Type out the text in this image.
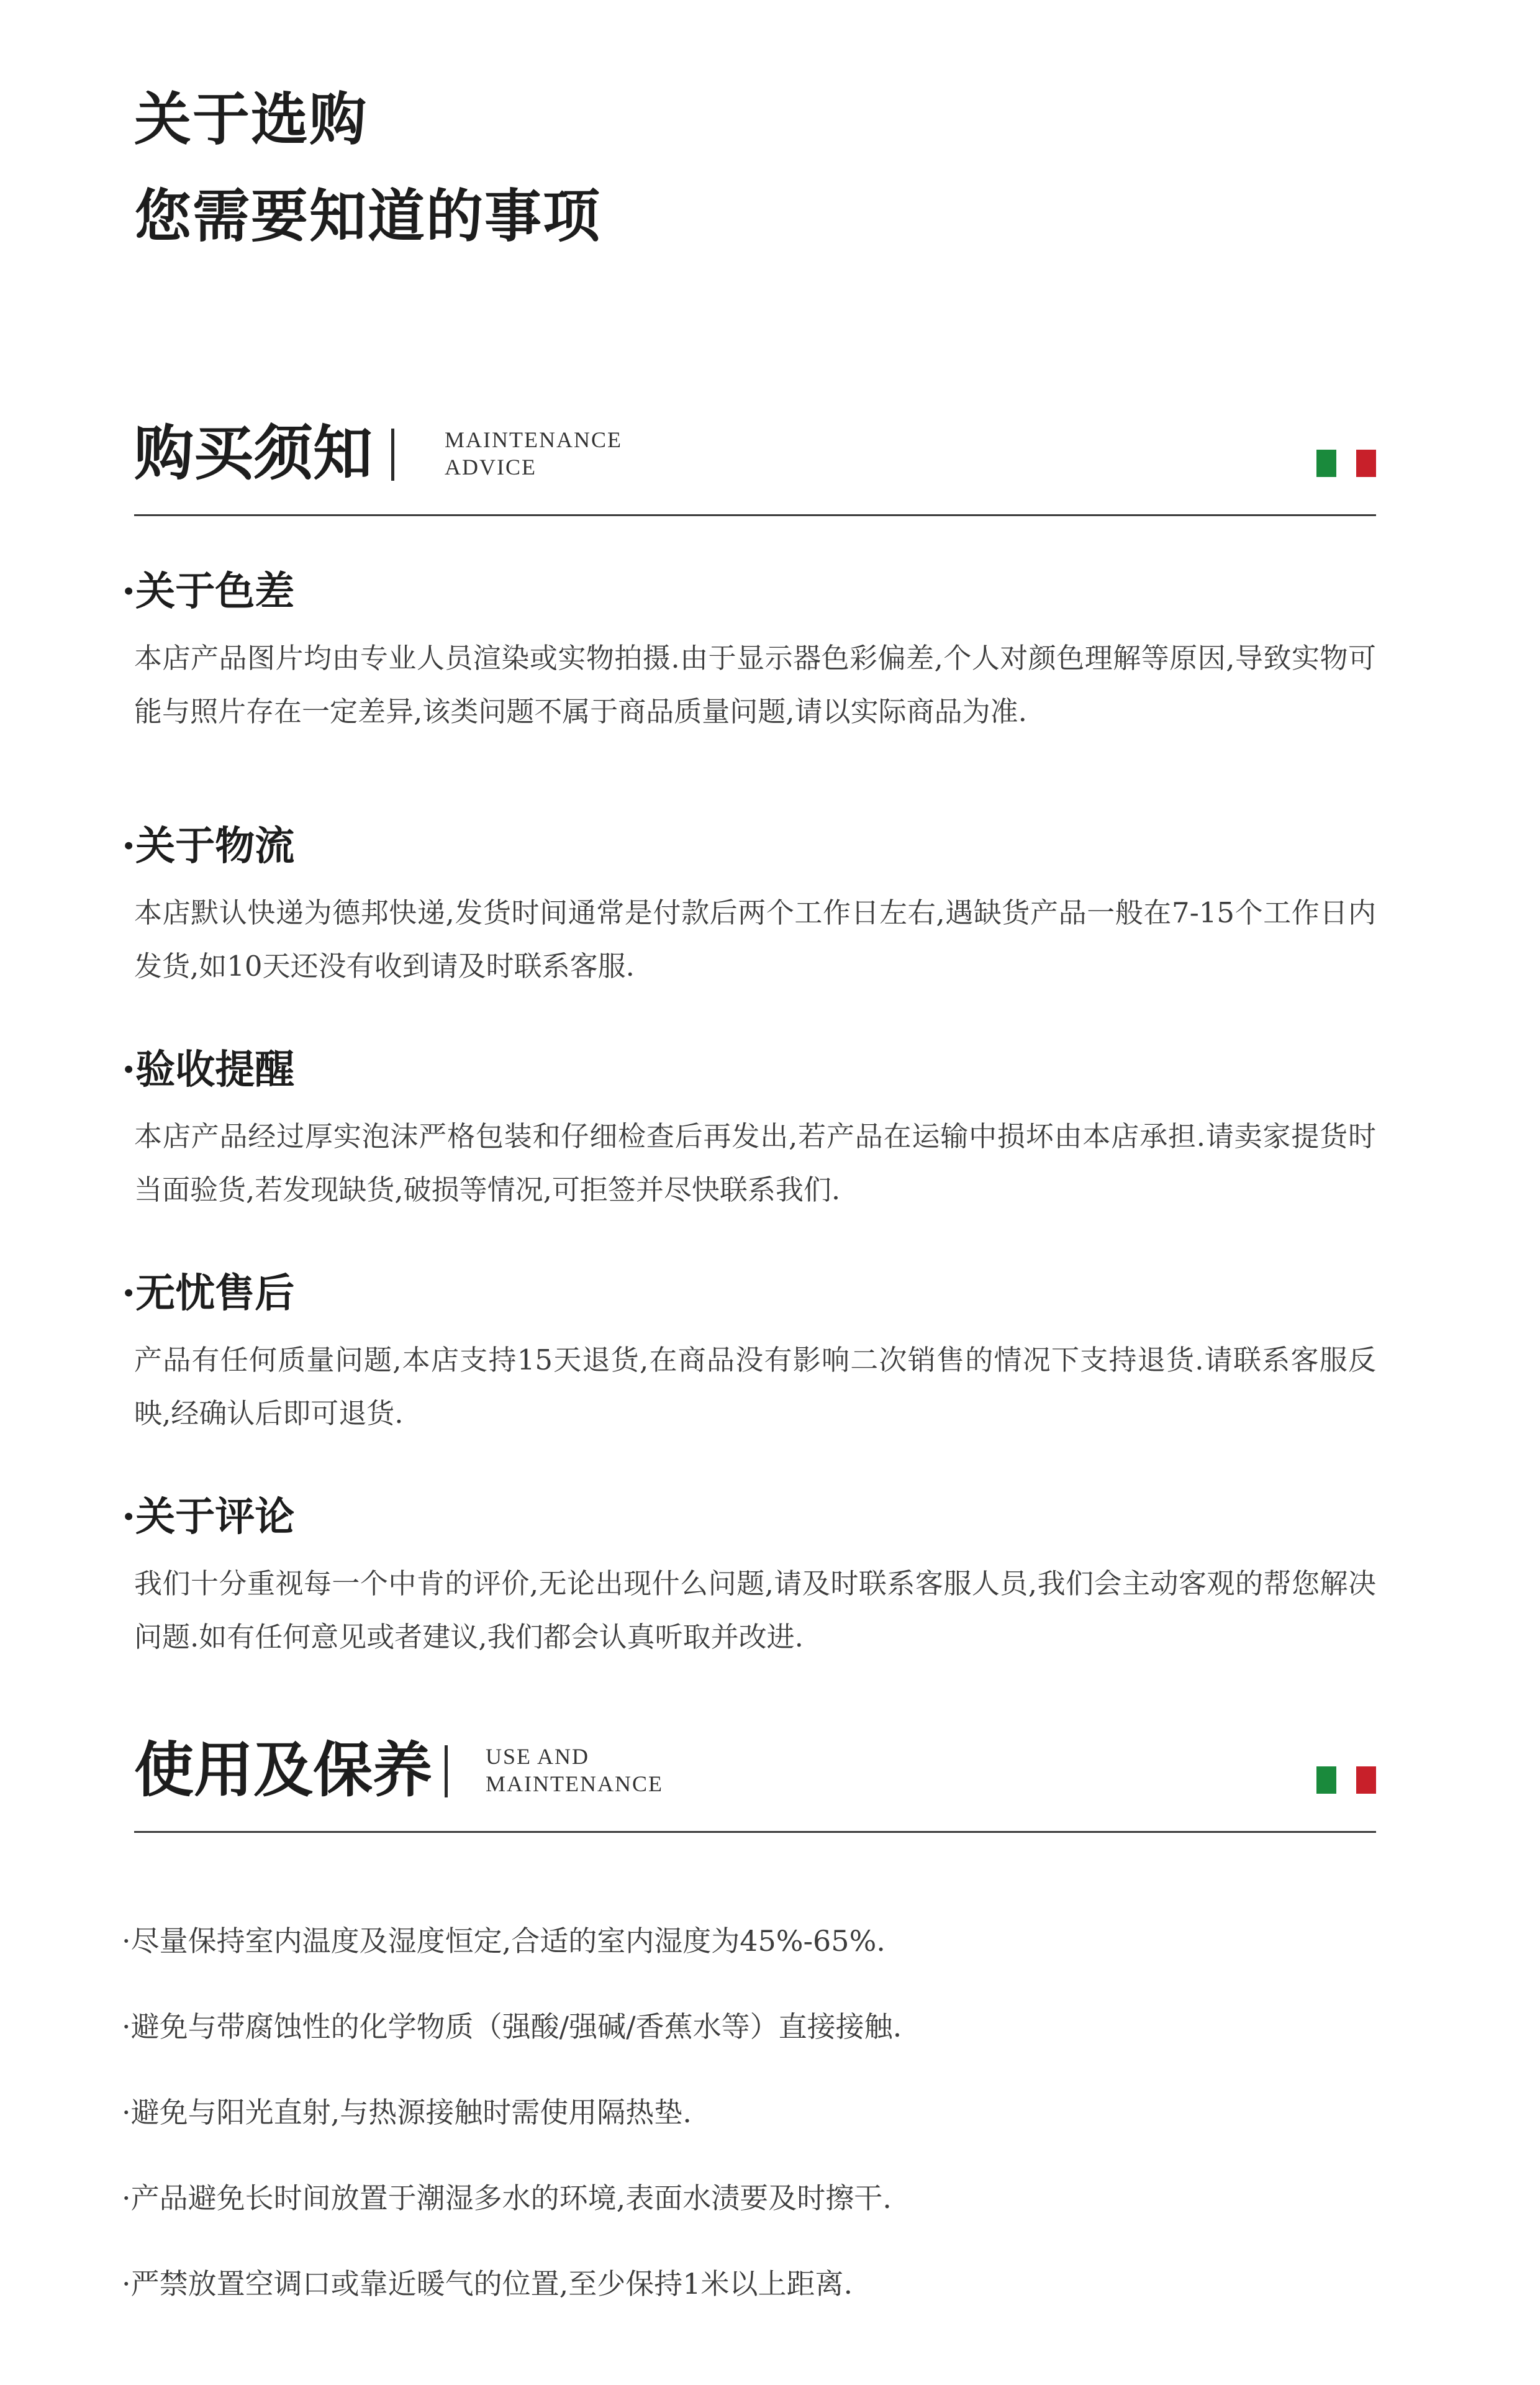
关于选购
您需要知道的事项
购买须知	MAINTENANCE
ADVICE
·关于色差
本店产品图片均由专业人员渲染或实物拍摄.由于显示器色彩偏差,个人对颜色理解等原因,导致实物可能与照片存在一定差异,该类问题不属于商品质量问题,请以实际商品为准.
·关于物流
本店默认快递为德邦快递,发货时间通常是付款后两个工作日左右,遇缺货产品一般在7-15个工作日内发货,如10天还没有收到请及时联系客服.
·验收提醒
本店产品经过厚实泡沫严格包装和仔细检查后再发出,若产品在运输中损坏由本店承担.请卖家提货时当面验货,若发现缺货,破损等情况,可拒签并尽快联系我们.
·无忧售后
产品有任何质量问题,本店支持15天退货,在商品没有影响二次销售的情况下支持退货.请联系客服反映,经确认后即可退货.
·关于评论
我们十分重视每一个中肯的评价,无论出现什么问题,请及时联系客服人员,我们会主动客观的帮您解决问题.如有任何意见或者建议,我们都会认真听取并改进.
使用及保养 USE AND
MAINTENANCE
·尽量保持室内温度及湿度恒定,合适的室内湿度为45%-65%.
·避免与带腐蚀性的化学物质（强酸/强碱/香蕉水等）直接接触.
·避免与阳光直射,与热源接触时需使用隔热垫.
·产品避免长时间放置于潮湿多水的环境,表面水渍要及时擦干.
·严禁放置空调口或靠近暖气的位置,至少保持1米以上距离.
